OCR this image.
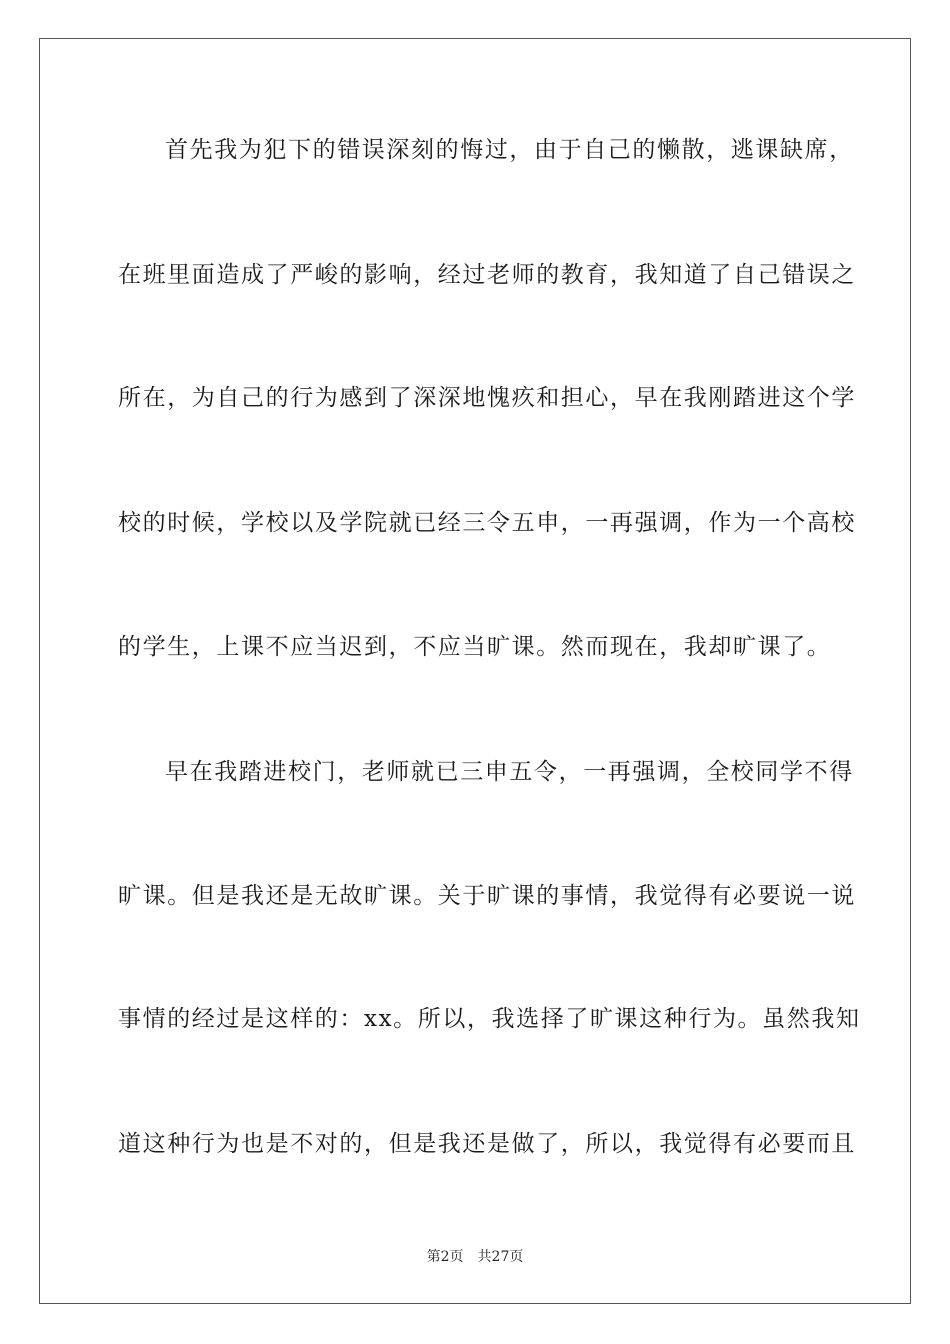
首先我为犯下的错误深刻的悔过，由于自己的懒散，逃课缺席，
在班里面造成了严峻的影响，经过老师的教育，我知道了自己错误之
所在，为自己的行为感到了深深地愧疚和担心，早在我刚踏进这个学
校的时候，学校以及学院就已经三令五申，一再强调，作为一个高校
的学生，上课不应当迟到，不应当旷课。然而现在，我却旷课了。
早在我踏进校门，老师就已三申五令，一再强调，全校同学不得
旷课。但是我还是无故旷课。关于旷课的事情，我觉得有必要说一说
事情的经过是这样的：xx。所以，我选择了旷课这种行为。虽然我知
道这种行为也是不对的，但是我还是做了，所以，我觉得有必要而且
第2页 共27页
